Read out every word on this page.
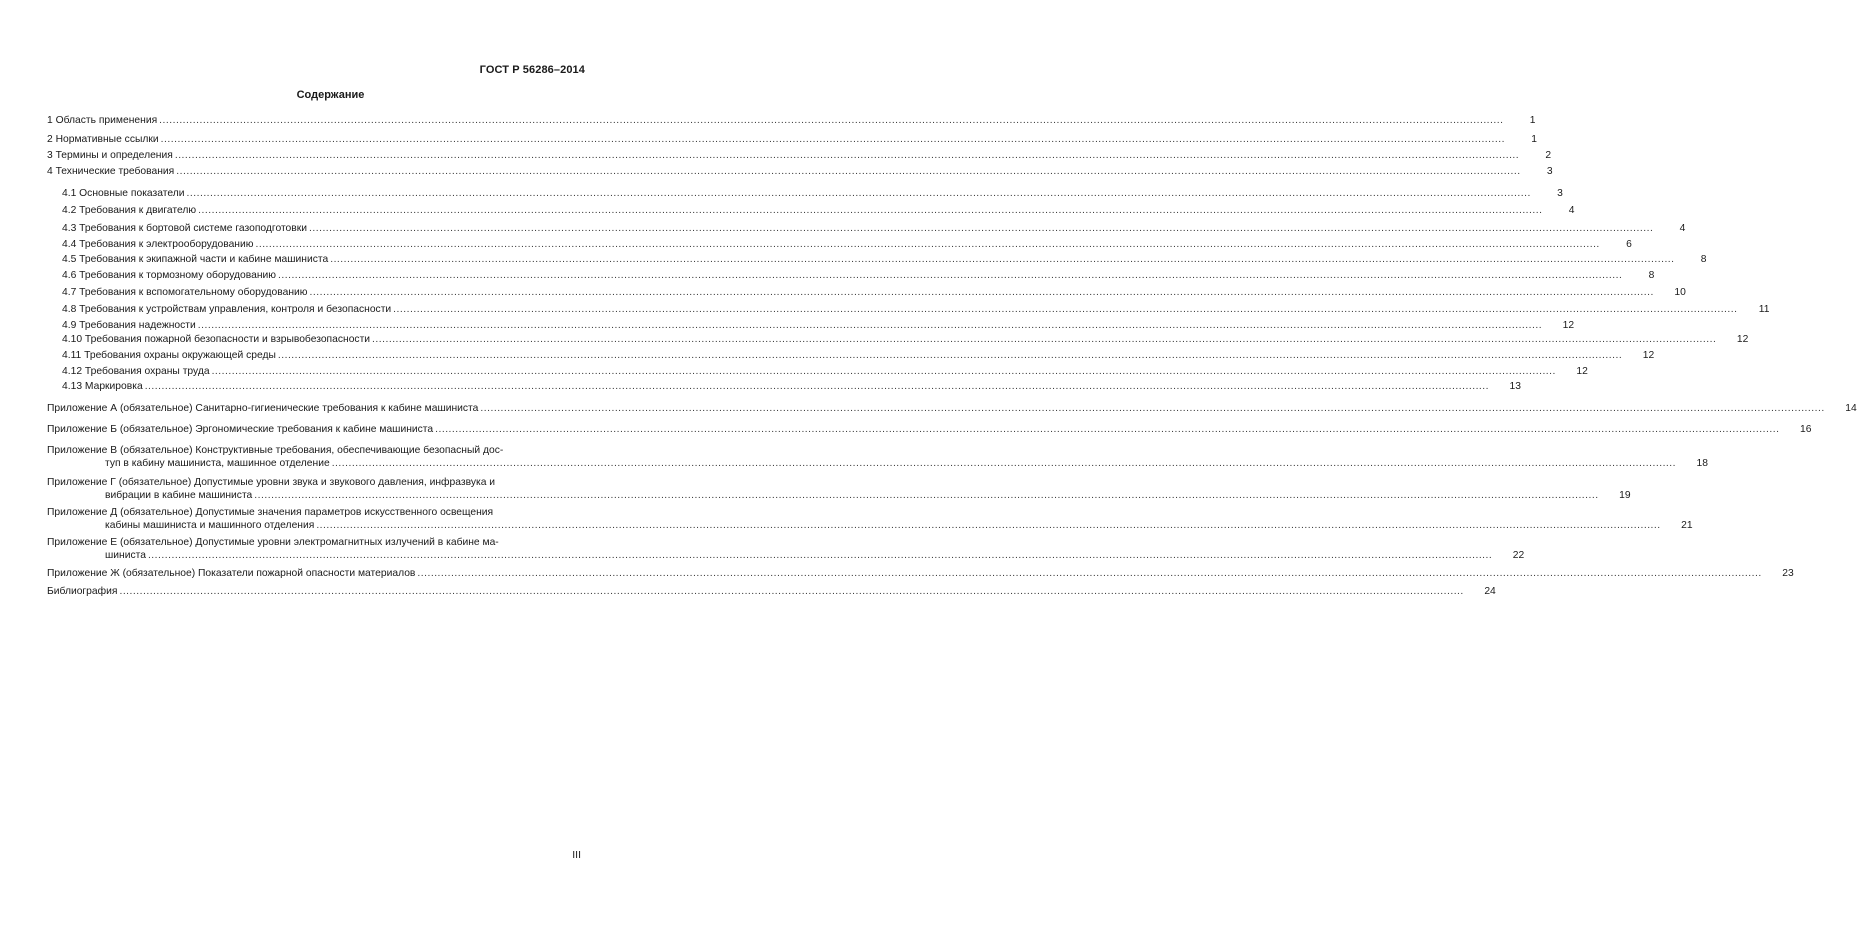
ГОСТ Р 56286–2014
Содержание
1 Область применения ................................................................................................................................................................................................................................................................................................................................................................................................................	1
2 Нормативные ссылки ................................................................................................................................................................................................................................................................................................................................................................................................................	1
3 Термины и определения ................................................................................................................................................................................................................................................................................................................................................................................................................	2
4 Технические требования ................................................................................................................................................................................................................................................................................................................................................................................................................	3
4.1 Основные показатели ................................................................................................................................................................................................................................................................................................................................................................................................................	3
4.2 Требования к двигателю ................................................................................................................................................................................................................................................................................................................................................................................................................	4
4.3 Требования к бортовой системе газоподготовки ................................................................................................................................................................................................................................................................................................................................................................................................................	4
4.4 Требования к электрооборудованию ................................................................................................................................................................................................................................................................................................................................................................................................................	6
4.5 Требования к экипажной части и кабине машиниста ................................................................................................................................................................................................................................................................................................................................................................................................................	8
4.6 Требования к тормозному оборудованию ................................................................................................................................................................................................................................................................................................................................................................................................................	8
4.7 Требования к вспомогательному оборудованию ................................................................................................................................................................................................................................................................................................................................................................................................................	10
4.8 Требования к устройствам управления, контроля и безопасности ................................................................................................................................................................................................................................................................................................................................................................................................................	11
4.9 Требования надежности ................................................................................................................................................................................................................................................................................................................................................................................................................	12
4.10 Требования пожарной безопасности и взрывобезопасности ................................................................................................................................................................................................................................................................................................................................................................................................................	12
4.11 Требования охраны окружающей среды ................................................................................................................................................................................................................................................................................................................................................................................................................	12
4.12 Требования охраны труда ................................................................................................................................................................................................................................................................................................................................................................................................................	12
4.13 Маркировка ................................................................................................................................................................................................................................................................................................................................................................................................................	13
Приложение А (обязательное) Санитарно-гигиенические требования к кабине машиниста ................................................................................................................................................................................................................................................................................................................................................................................................................	14
Приложение Б (обязательное) Эргономические требования к кабине машиниста ................................................................................................................................................................................................................................................................................................................................................................................................................	16
Приложение В (обязательное) Конструктивные требования, обеспечивающие безопасный дос-
туп в кабину машиниста, машинное отделение ................................................................................................................................................................................................................................................................................................................................................................................................................	18
Приложение Г (обязательное) Допустимые уровни звука и звукового давления, инфразвука и
вибрации в кабине машиниста ................................................................................................................................................................................................................................................................................................................................................................................................................	19
Приложение Д (обязательное) Допустимые значения параметров искусственного освещения
кабины машиниста и машинного отделения ................................................................................................................................................................................................................................................................................................................................................................................................................	21
Приложение Е (обязательное) Допустимые уровни электромагнитных излучений в кабине ма-
шиниста ................................................................................................................................................................................................................................................................................................................................................................................................................	22
Приложение Ж (обязательное) Показатели пожарной опасности материалов ................................................................................................................................................................................................................................................................................................................................................................................................................	23
Библиография ................................................................................................................................................................................................................................................................................................................................................................................................................	24
III
